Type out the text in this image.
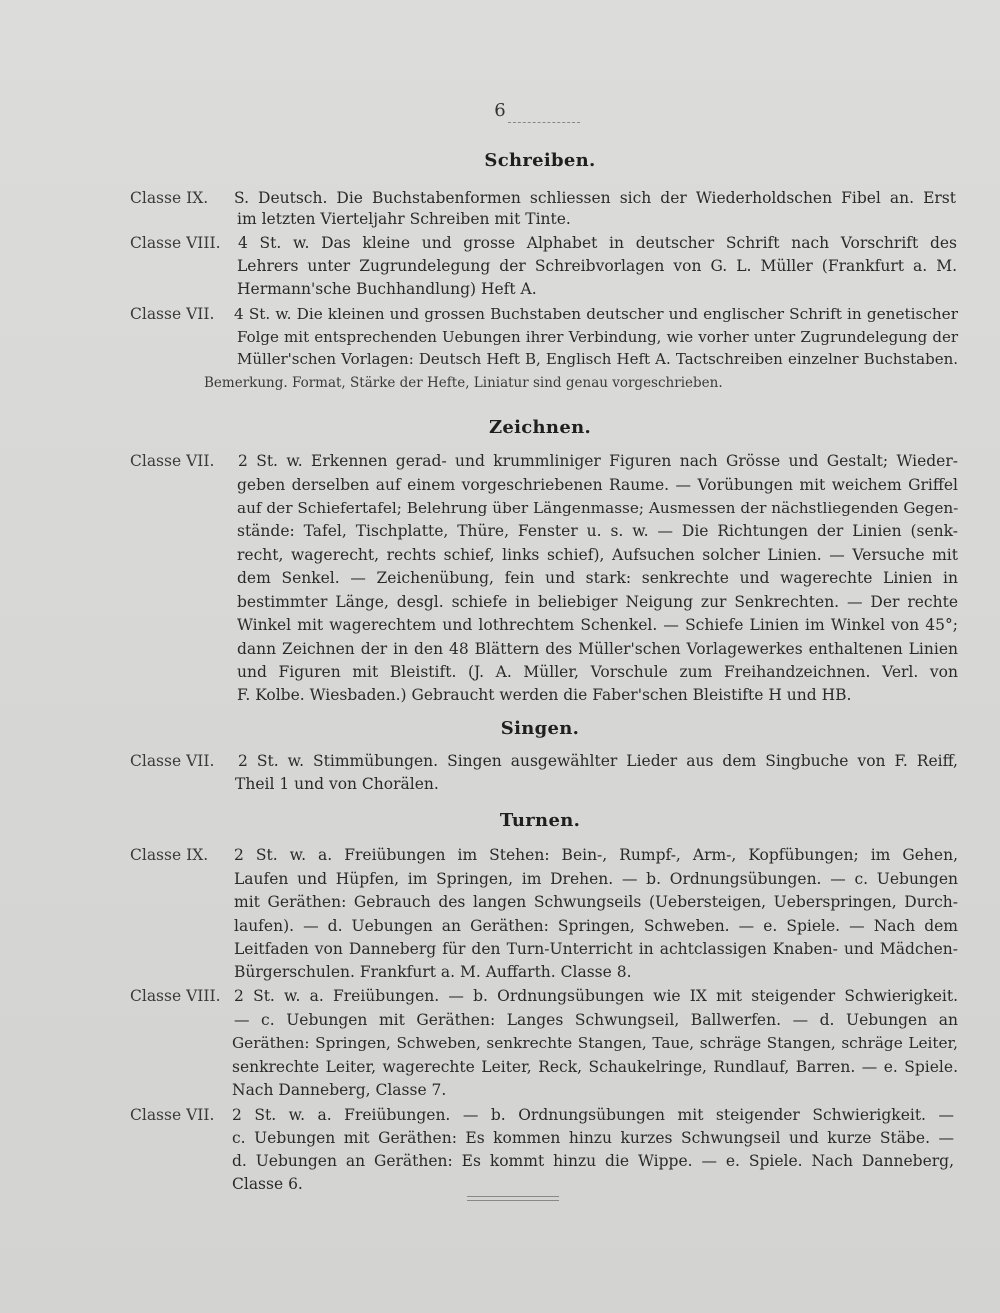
6
Schreiben.
Classe IX. S. Deutsch. Die Buchstabenformen schliessen sich der Wiederholdschen Fibel an. Erst
im letzten Vierteljahr Schreiben mit Tinte.
Classe VIII. 4 St. w. Das kleine und grosse Alphabet in deutscher Schrift nach Vorschrift des
Lehrers unter Zugrundelegung der Schreibvorlagen von G. L. Müller (Frankfurt a. M.
Hermann'sche Buchhandlung) Heft A.
Classe VII. 4 St. w. Die kleinen und grossen Buchstaben deutscher und englischer Schrift in genetischer
Folge mit entsprechenden Uebungen ihrer Verbindung, wie vorher unter Zugrundelegung der
Müller'schen Vorlagen: Deutsch Heft B, Englisch Heft A. Tactschreiben einzelner Buchstaben.
Bemerkung. Format, Stärke der Hefte, Liniatur sind genau vorgeschrieben.
Zeichnen.
Classe VII. 2 St. w. Erkennen gerad- und krummliniger Figuren nach Grösse und Gestalt; Wieder-
geben derselben auf einem vorgeschriebenen Raume. — Vorübungen mit weichem Griffel
auf der Schiefertafel; Belehrung über Längenmasse; Ausmessen der nächstliegenden Gegen-
stände: Tafel, Tischplatte, Thüre, Fenster u. s. w. — Die Richtungen der Linien (senk-
recht, wagerecht, rechts schief, links schief), Aufsuchen solcher Linien. — Versuche mit
dem Senkel. — Zeichenübung, fein und stark: senkrechte und wagerechte Linien in
bestimmter Länge, desgl. schiefe in beliebiger Neigung zur Senkrechten. — Der rechte
Winkel mit wagerechtem und lothrechtem Schenkel. — Schiefe Linien im Winkel von 45°;
dann Zeichnen der in den 48 Blättern des Müller'schen Vorlagewerkes enthaltenen Linien
und Figuren mit Bleistift. (J. A. Müller, Vorschule zum Freihandzeichnen. Verl. von
F. Kolbe. Wiesbaden.) Gebraucht werden die Faber'schen Bleistifte H und HB.
Singen.
Classe VII. 2 St. w. Stimmübungen. Singen ausgewählter Lieder aus dem Singbuche von F. Reiff,
Theil 1 und von Chorälen.
Turnen.
Classe IX. 2 St. w. a. Freiübungen im Stehen: Bein-, Rumpf-, Arm-, Kopfübungen; im Gehen,
Laufen und Hüpfen, im Springen, im Drehen. — b. Ordnungsübungen. — c. Uebungen
mit Geräthen: Gebrauch des langen Schwungseils (Uebersteigen, Ueberspringen, Durch-
laufen). — d. Uebungen an Geräthen: Springen, Schweben. — e. Spiele. — Nach dem
Leitfaden von Danneberg für den Turn-Unterricht in achtclassigen Knaben- und Mädchen-
Bürgerschulen. Frankfurt a. M. Auffarth. Classe 8.
Classe VIII. 2 St. w. a. Freiübungen. — b. Ordnungsübungen wie IX mit steigender Schwierigkeit.
— c. Uebungen mit Geräthen: Langes Schwungseil, Ballwerfen. — d. Uebungen an
Geräthen: Springen, Schweben, senkrechte Stangen, Taue, schräge Stangen, schräge Leiter,
senkrechte Leiter, wagerechte Leiter, Reck, Schaukelringe, Rundlauf, Barren. — e. Spiele.
Nach Danneberg, Classe 7.
Classe VII. 2 St. w. a. Freiübungen. — b. Ordnungsübungen mit steigender Schwierigkeit. —
c. Uebungen mit Geräthen: Es kommen hinzu kurzes Schwungseil und kurze Stäbe. —
d. Uebungen an Geräthen: Es kommt hinzu die Wippe. — e. Spiele. Nach Danneberg,
Classe 6.
